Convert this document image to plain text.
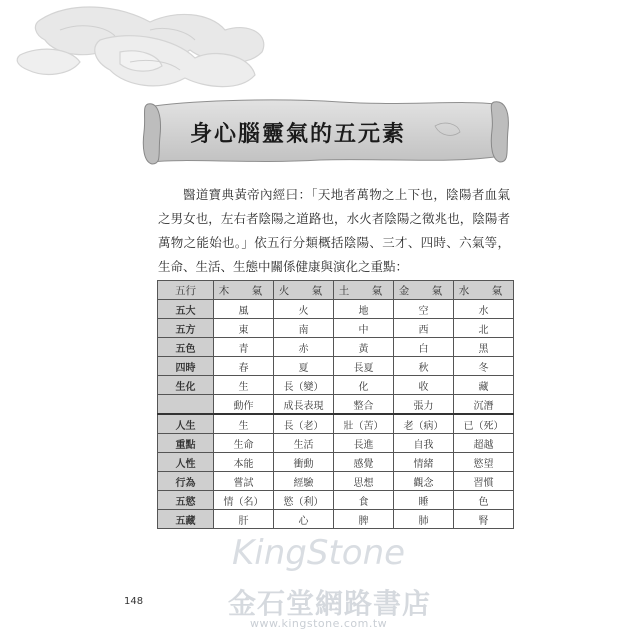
身心腦靈氣的五元素
醫道寶典黃帝內經曰：「天地者萬物之上下也，陰陽者血氣之男女也，左右者陰陽之道路也，水火者陰陽之徵兆也，陰陽者萬物之能始也。」依五行分類概括陰陽、三才、四時、六氣等，生命、生活、生態中關係健康與演化之重點：
五行	木　氣	火　氣	土　氣	金　氣	水　氣
五大	風	火	地	空	水
五方	東	南	中	西	北
五色	青	赤	黃	白	黑
四時	春	夏	長夏	秋	冬
生化	生	長（變）	化	收	藏
	動作	成長表現	整合	張力	沉潛
人生	生	長（老）	壯（苦）	老（病）	已（死）
重點	生命	生活	長進	自我	超越
人性	本能	衝動	感覺	情緒	慾望
行為	嘗試	經驗	思想	觀念	習慣
五慾	情（名）	慾（利）	食	睡	色
五藏	肝	心	脾	肺	腎
KingStone
金石堂網路書店
www.kingstone.com.tw
148
